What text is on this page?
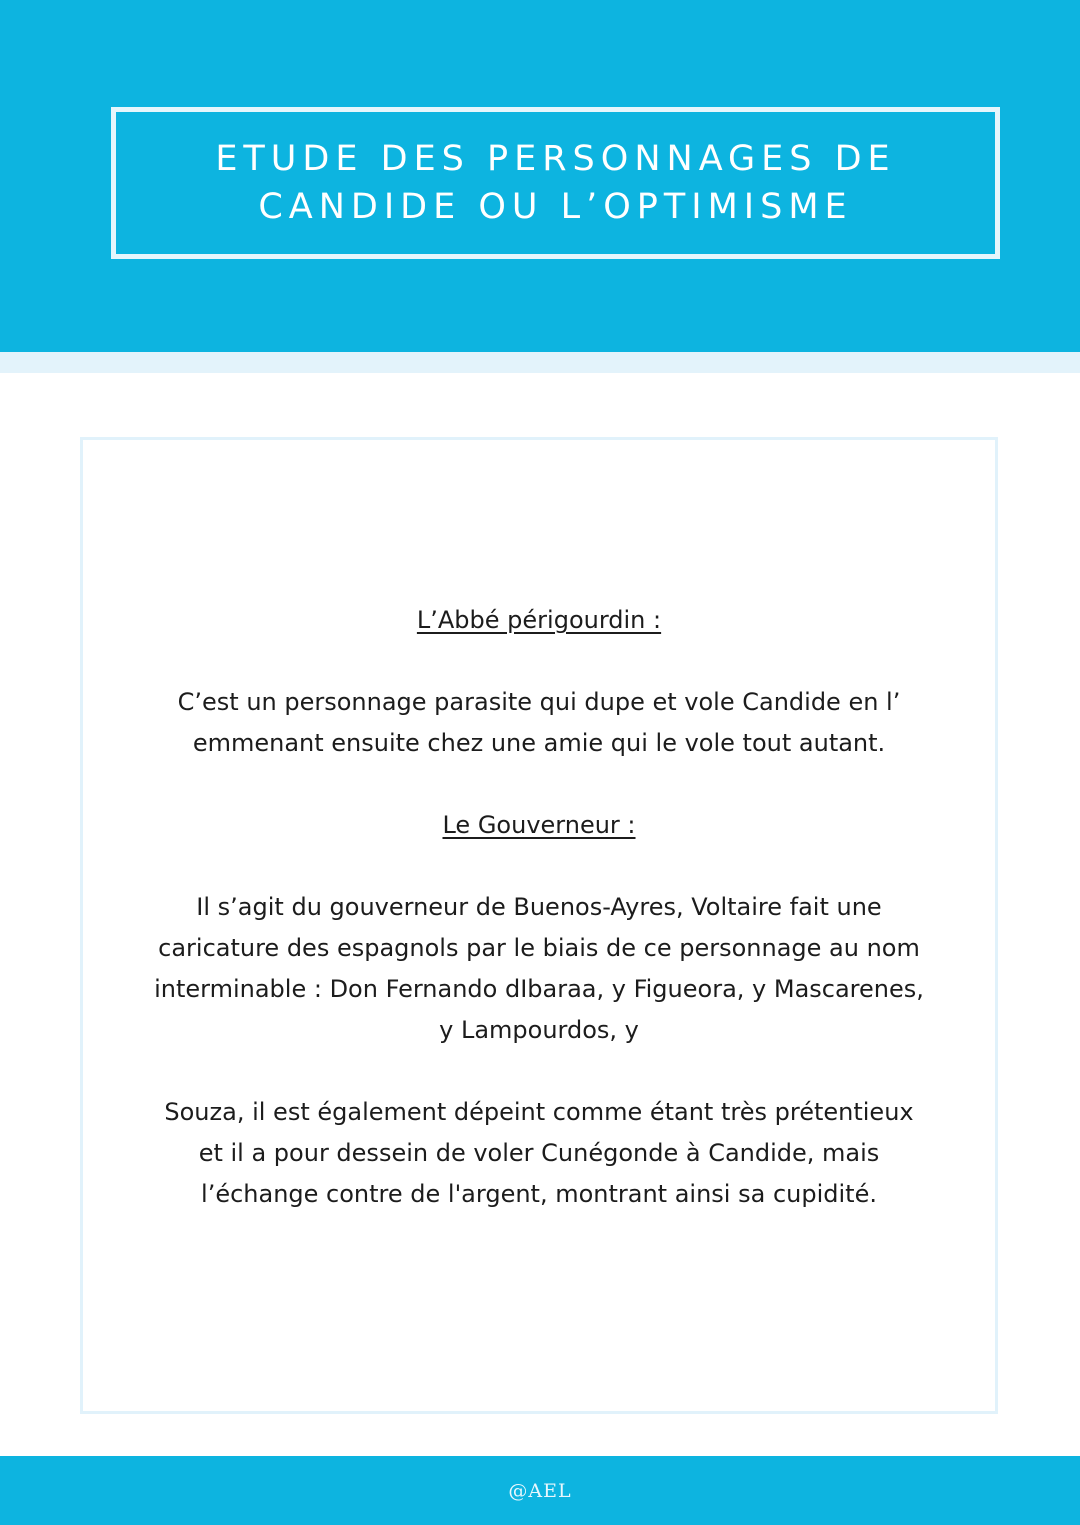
ETUDE DES PERSONNAGES DE
CANDIDE OU L’OPTIMISME

L’Abbé périgourdin :

C’est un personnage parasite qui dupe et vole Candide en l’
emmenant ensuite chez une amie qui le vole tout autant.

Le Gouverneur :

Il s’agit du gouverneur de Buenos-Ayres, Voltaire fait une
caricature des espagnols par le biais de ce personnage au nom
interminable : Don Fernando dIbaraa, y Figueora, y Mascarenes,
y Lampourdos, y

Souza, il est également dépeint comme étant très prétentieux
et il a pour dessein de voler Cunégonde à Candide, mais
l’échange contre de l'argent, montrant ainsi sa cupidité.

@AEL
